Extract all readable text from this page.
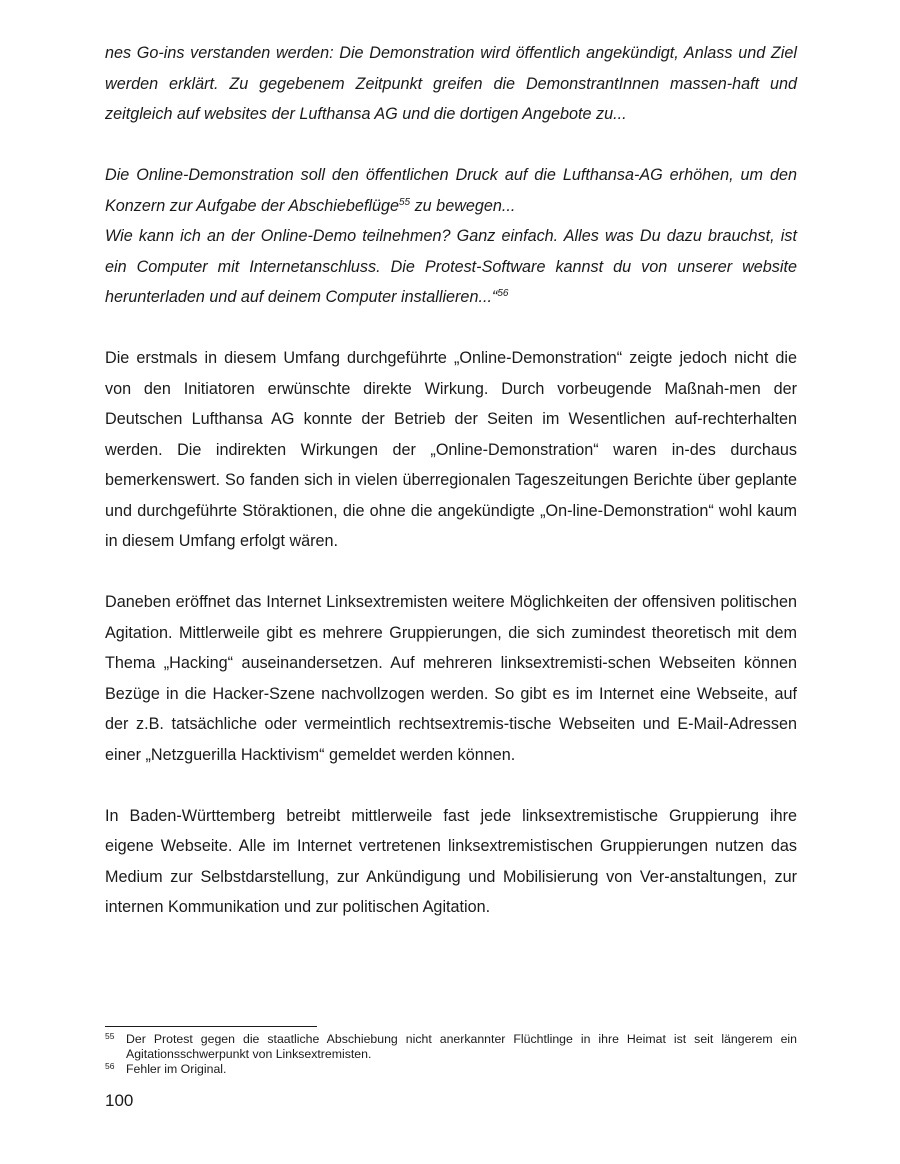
nes Go-ins verstanden werden: Die Demonstration wird öffentlich angekündigt, Anlass und Ziel werden erklärt. Zu gegebenem Zeitpunkt greifen die DemonstrantInnen massen-haft und zeitgleich auf websites der Lufthansa AG und die dortigen Angebote zu...

Die Online-Demonstration soll den öffentlichen Druck auf die Lufthansa-AG erhöhen, um den Konzern zur Aufgabe der Abschiebeflüge$^{55}$ zu bewegen...

Wie kann ich an der Online-Demo teilnehmen? Ganz einfach. Alles was Du dazu brauchst, ist ein Computer mit Internetanschluss. Die Protest-Software kannst du von unserer website herunterladen und auf deinem Computer installieren...“$^{56}$

Die erstmals in diesem Umfang durchgeführte „Online-Demonstration“ zeigte jedoch nicht die von den Initiatoren erwünschte direkte Wirkung. Durch vorbeugende Maßnah-men der Deutschen Lufthansa AG konnte der Betrieb der Seiten im Wesentlichen auf-rechterhalten werden. Die indirekten Wirkungen der „Online-Demonstration“ waren in-des durchaus bemerkenswert. So fanden sich in vielen überregionalen Tageszeitungen Berichte über geplante und durchgeführte Störaktionen, die ohne die angekündigte „On-line-Demonstration“ wohl kaum in diesem Umfang erfolgt wären.

Daneben eröffnet das Internet Linksextremisten weitere Möglichkeiten der offensiven politischen Agitation. Mittlerweile gibt es mehrere Gruppierungen, die sich zumindest theoretisch mit dem Thema „Hacking“ auseinandersetzen. Auf mehreren linksextremisti-schen Webseiten können Bezüge in die Hacker-Szene nachvollzogen werden. So gibt es im Internet eine Webseite, auf der z.B. tatsächliche oder vermeintlich rechtsextremis-tische Webseiten und E-Mail-Adressen einer „Netzguerilla Hacktivism“ gemeldet werden können.

In Baden-Württemberg betreibt mittlerweile fast jede linksextremistische Gruppierung ihre eigene Webseite. Alle im Internet vertretenen linksextremistischen Gruppierungen nutzen das Medium zur Selbstdarstellung, zur Ankündigung und Mobilisierung von Ver-anstaltungen, zur internen Kommunikation und zur politischen Agitation.

55 Der Protest gegen die staatliche Abschiebung nicht anerkannter Flüchtlinge in ihre Heimat ist seit längerem ein Agitationsschwerpunkt von Linksextremisten.

56 Fehler im Original.

100
